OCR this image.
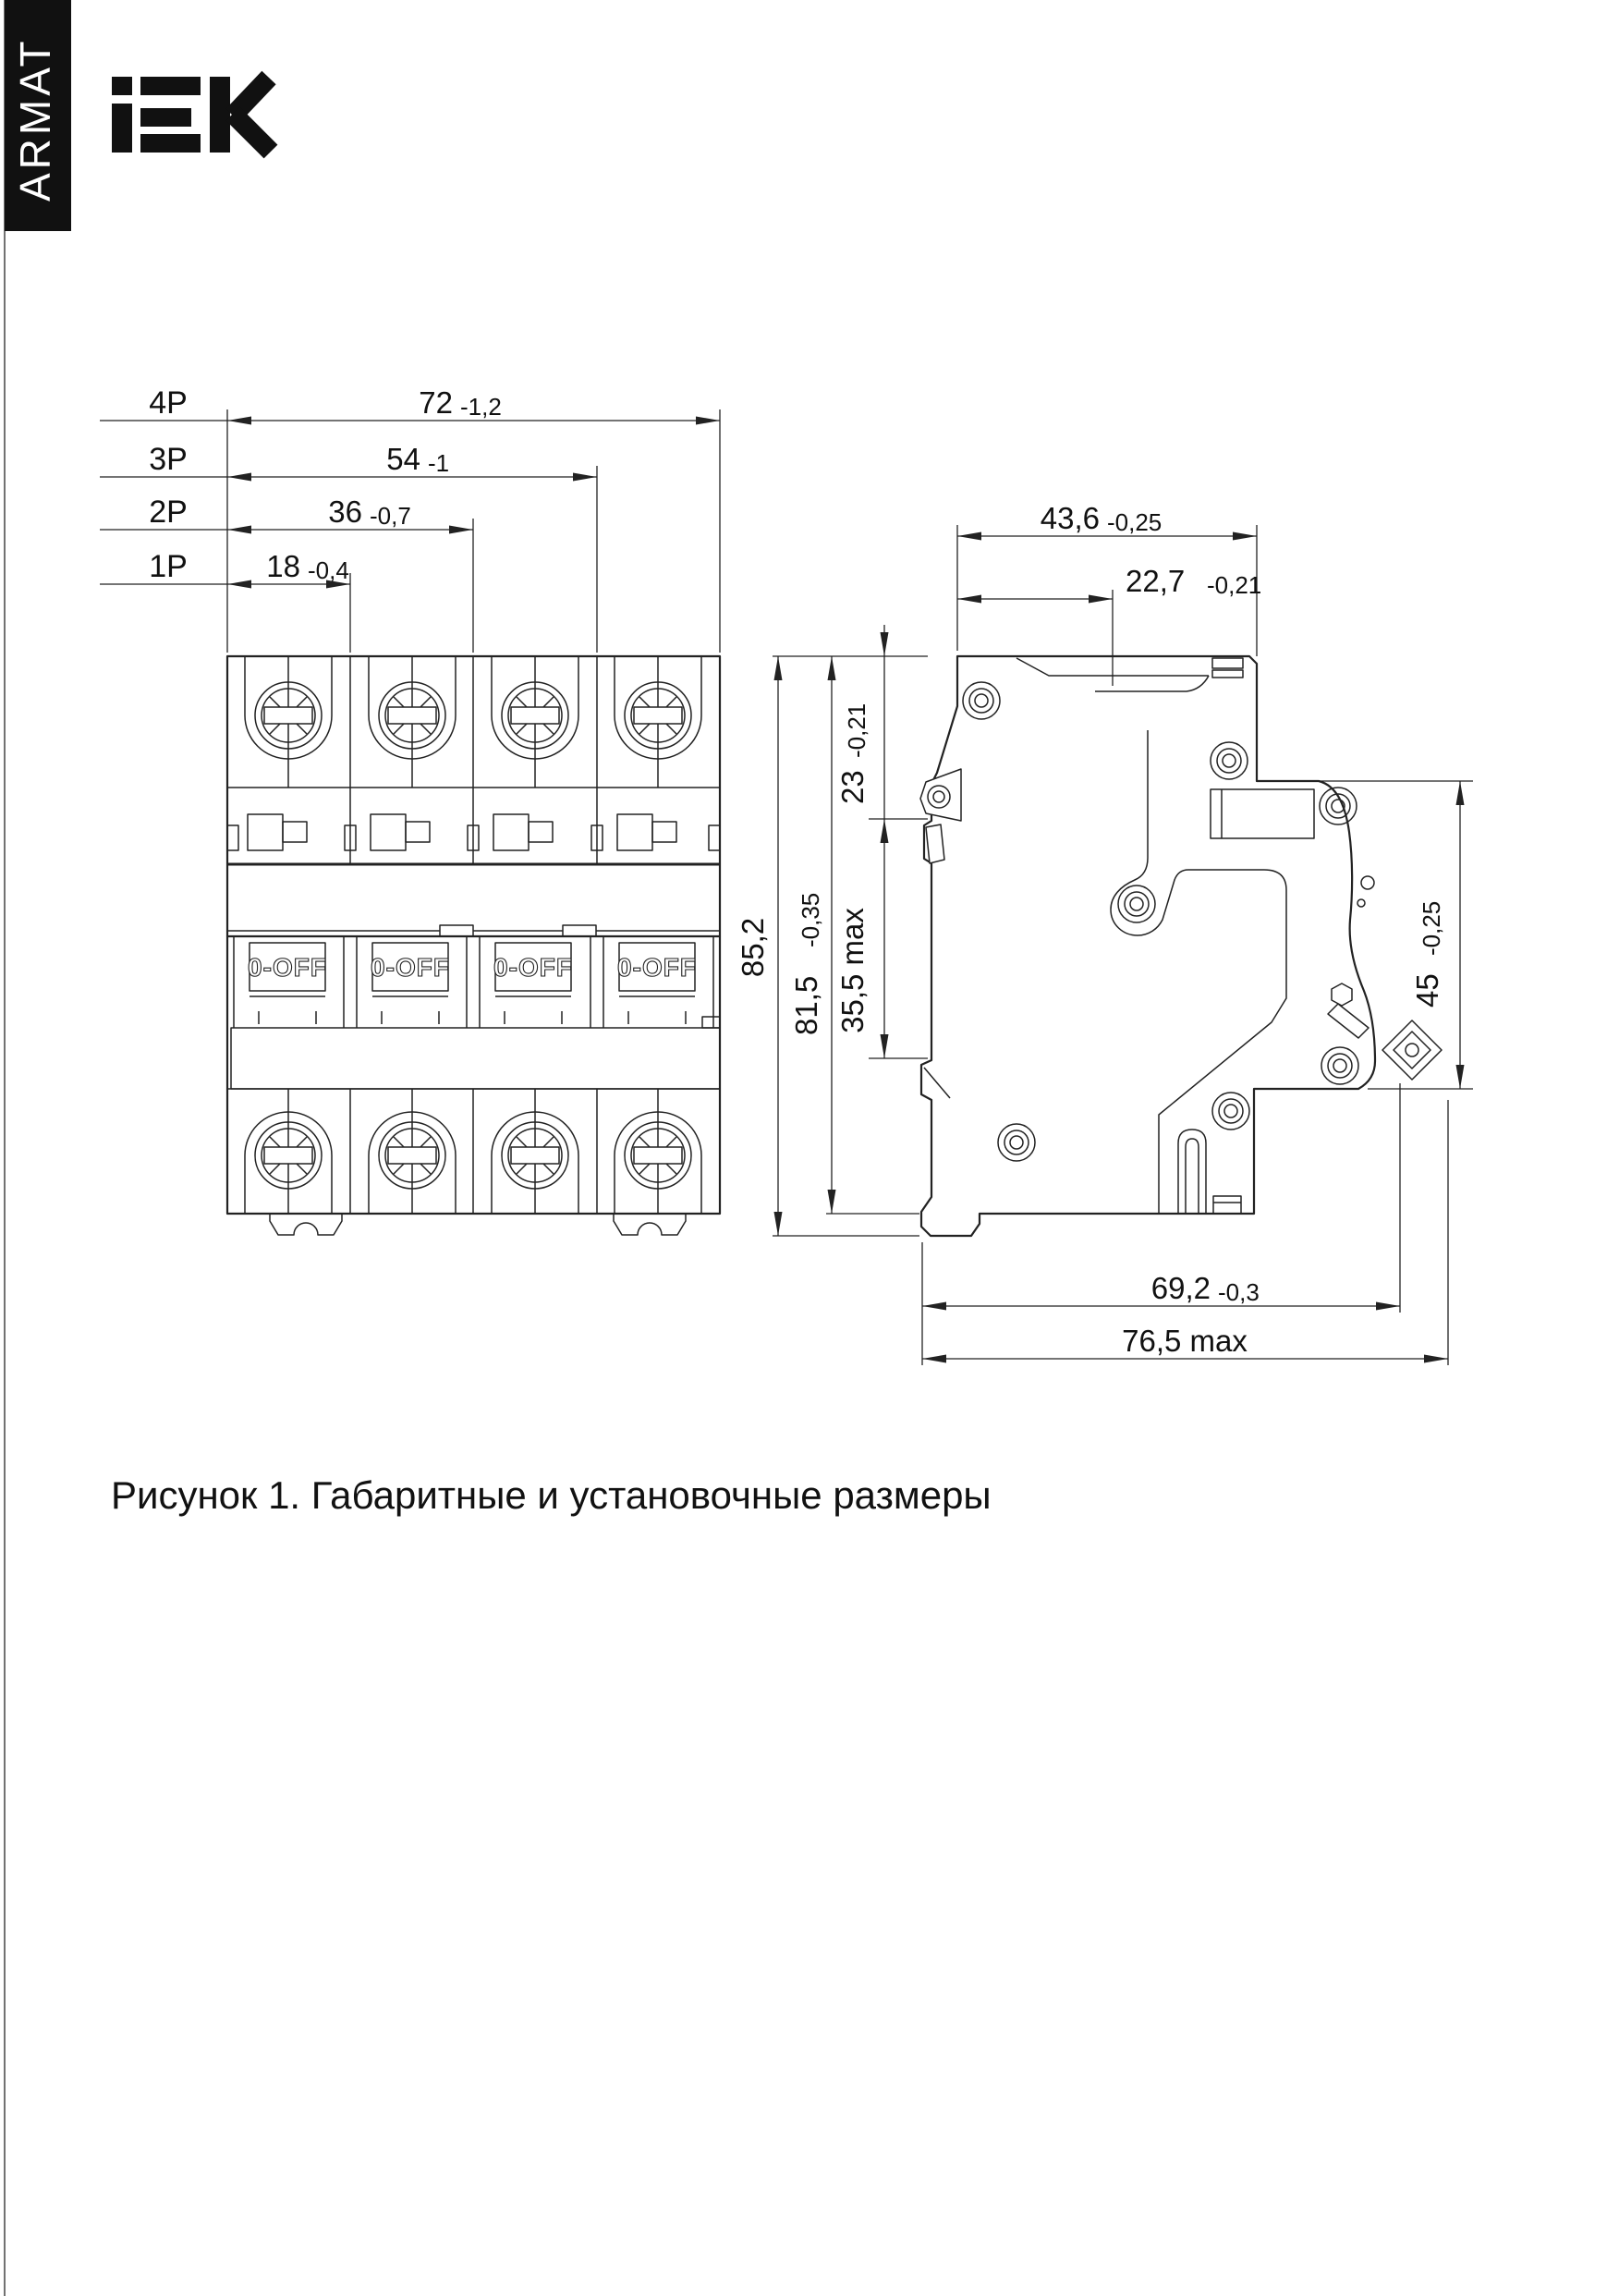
ARMAT
4P	72 -1,2
3P	54 -1
2P	36 -0,7
1P	18 -0,4
0-OFF 0-OFF 0-OFF 0-OFF
43,6 -0,25
22,7 -0,21
23
-0,21
35,5 max
81,5
-0,35
85,2
45
-0,25
69,2 -0,3
76,5 max
Рисунок 1. Габаритные и установочные размеры
